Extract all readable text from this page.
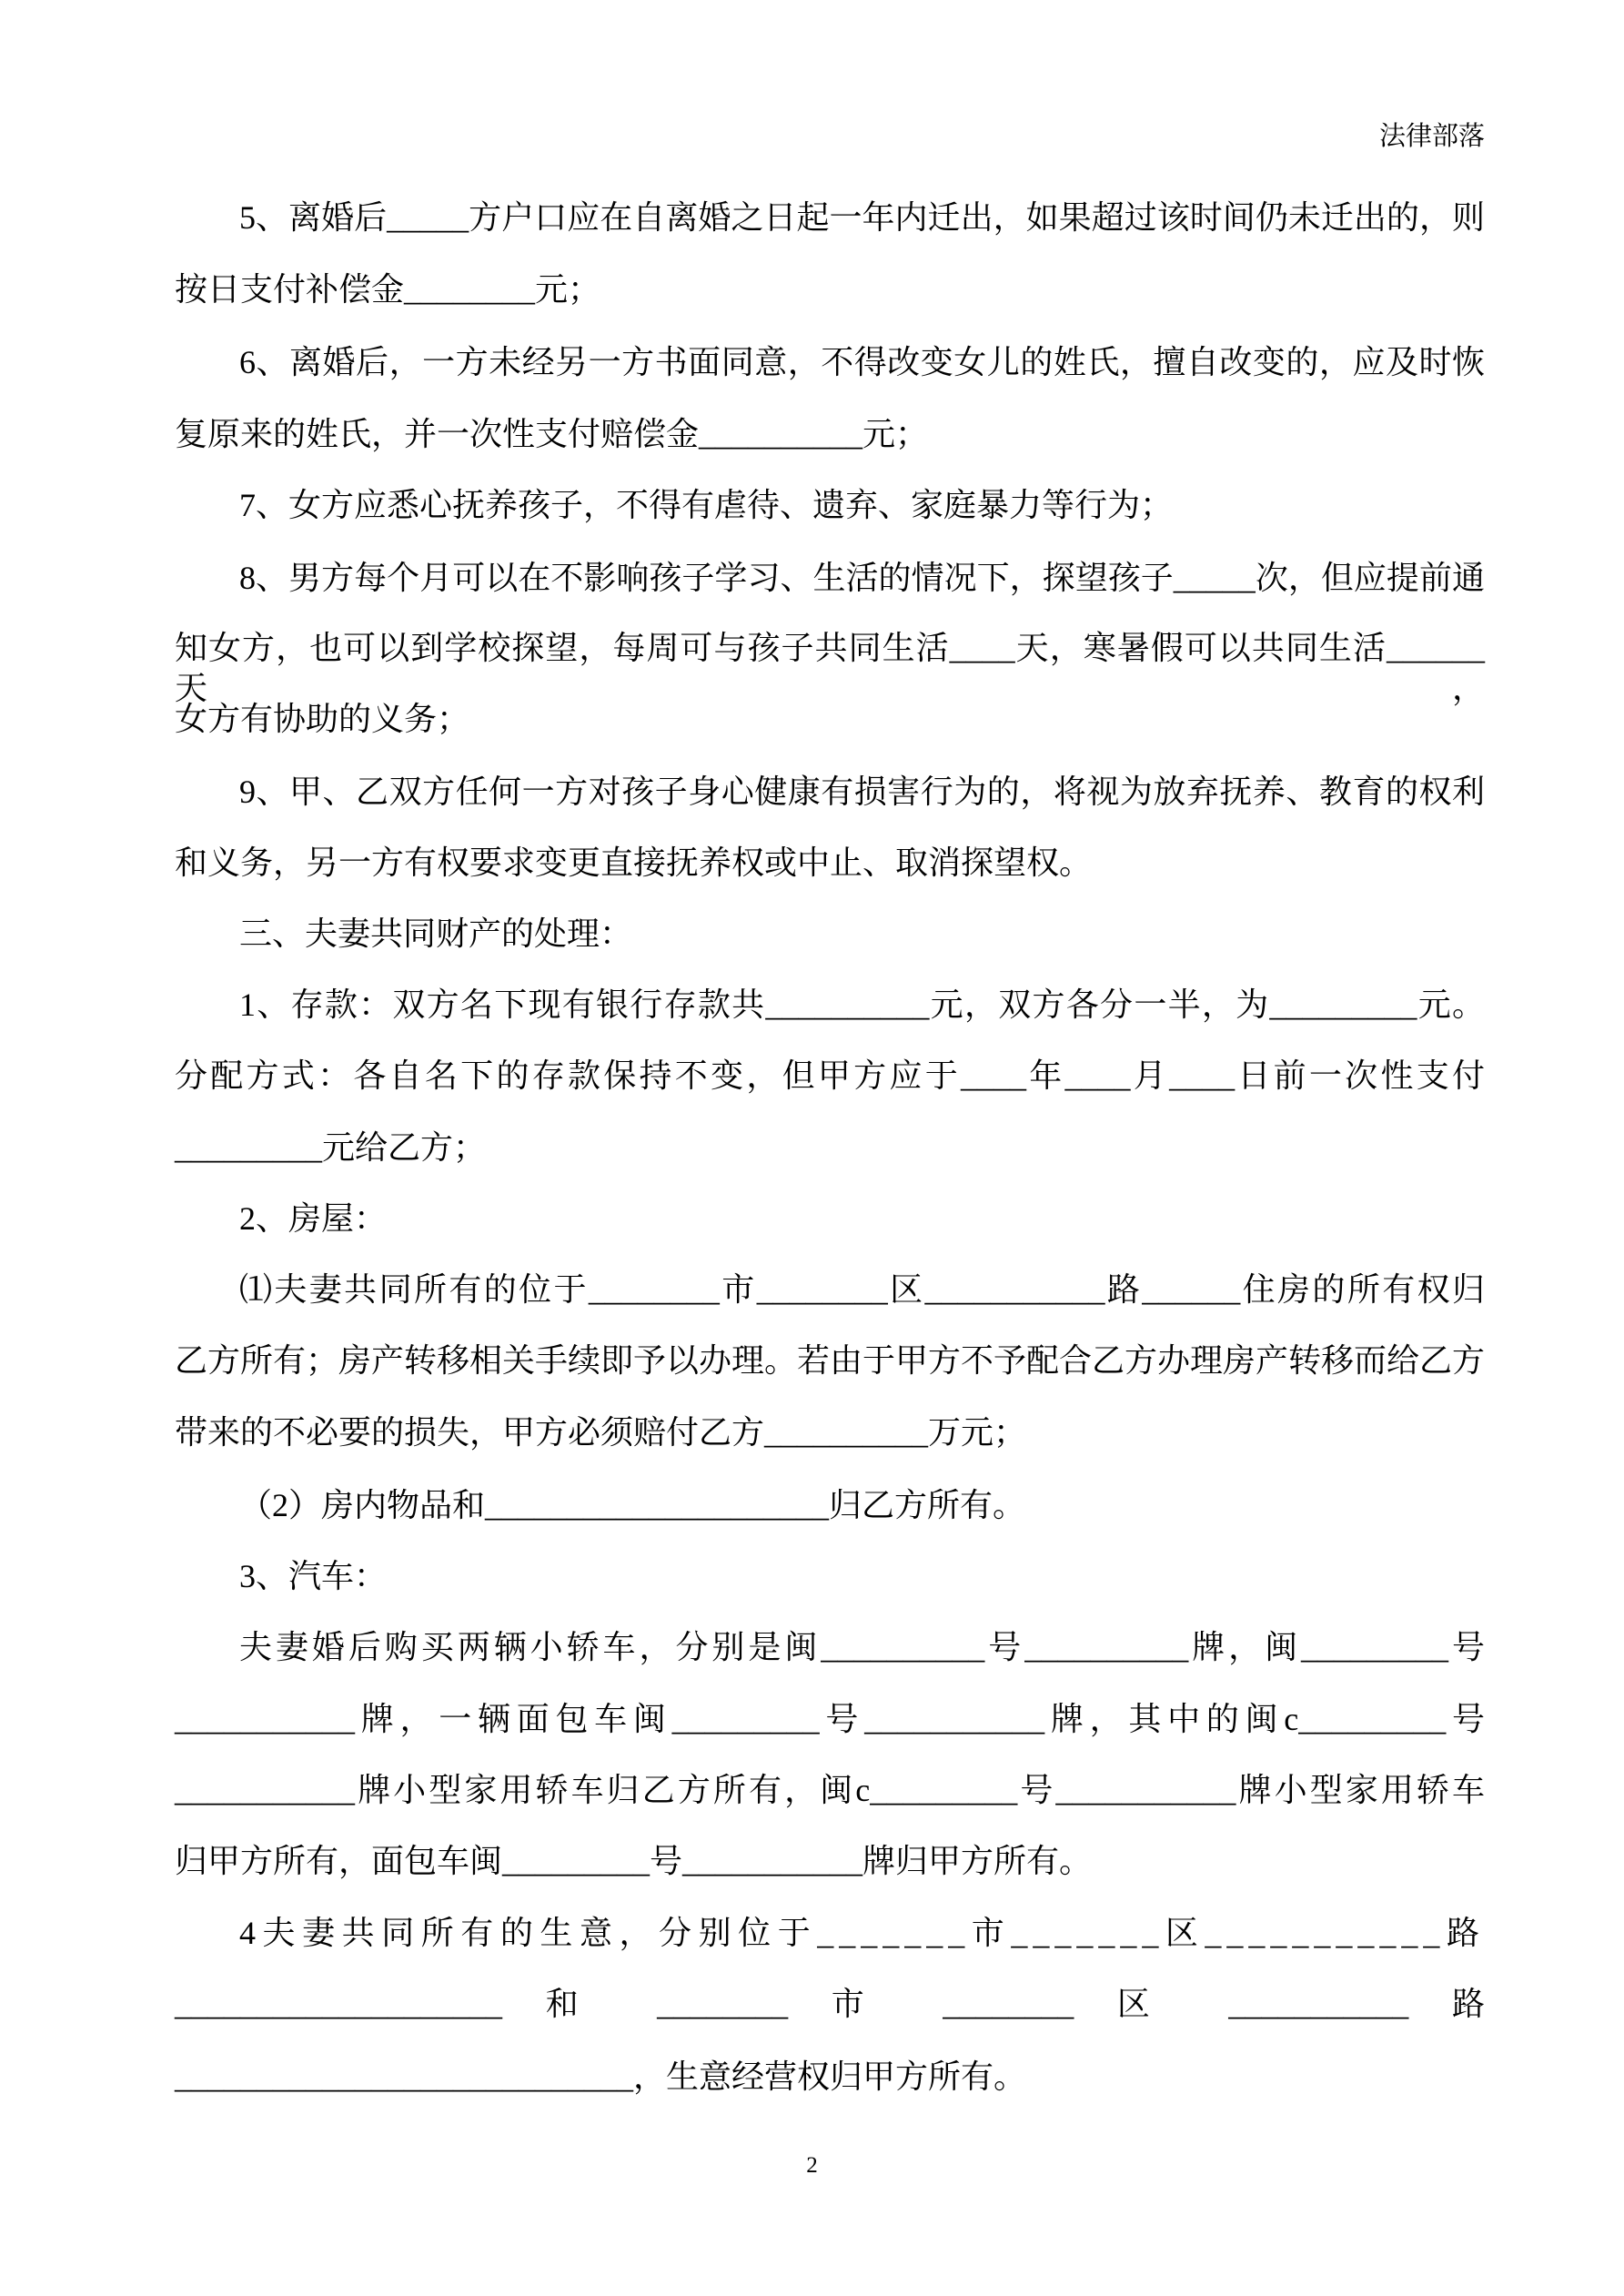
法律部落
5、离婚后_____方户口应在自离婚之日起一年内迁出，如果超过该时间仍未迁出的，则
按日支付补偿金________元；
6、离婚后，一方未经另一方书面同意，不得改变女儿的姓氏，擅自改变的，应及时恢
复原来的姓氏，并一次性支付赔偿金__________元；
7、女方应悉心抚养孩子，不得有虐待、遗弃、家庭暴力等行为；
8、男方每个月可以在不影响孩子学习、生活的情况下，探望孩子_____次，但应提前通
知女方，也可以到学校探望，每周可与孩子共同生活____天，寒暑假可以共同生活______天，
女方有协助的义务；
9、甲、乙双方任何一方对孩子身心健康有损害行为的，将视为放弃抚养、教育的权利
和义务，另一方有权要求变更直接抚养权或中止、取消探望权。
三、夫妻共同财产的处理：
1、存款：双方名下现有银行存款共__________元，双方各分一半，为_________元。
分配方式：各自名下的存款保持不变，但甲方应于____年____月____日前一次性支付
_________元给乙方；
2、房屋：
⑴夫妻共同所有的位于________市________区___________路______住房的所有权归
乙方所有；房产转移相关手续即予以办理。若由于甲方不予配合乙方办理房产转移而给乙方
带来的不必要的损失，甲方必须赔付乙方__________万元；
（2）房内物品和_____________________归乙方所有。
3、汽车：
夫妻婚后购买两辆小轿车，分别是闽__________号__________牌，闽_________号
___________牌，一辆面包车闽_________号___________牌，其中的闽c_________号
___________牌小型家用轿车归乙方所有，闽c_________号___________牌小型家用轿车
归甲方所有，面包车闽_________号___________牌归甲方所有。
4夫妻共同所有的生意，分别位于_______市_______区___________路
____________________ 和 ________ 市 ________ 区 ___________ 路
____________________________，生意经营权归甲方所有。
2
